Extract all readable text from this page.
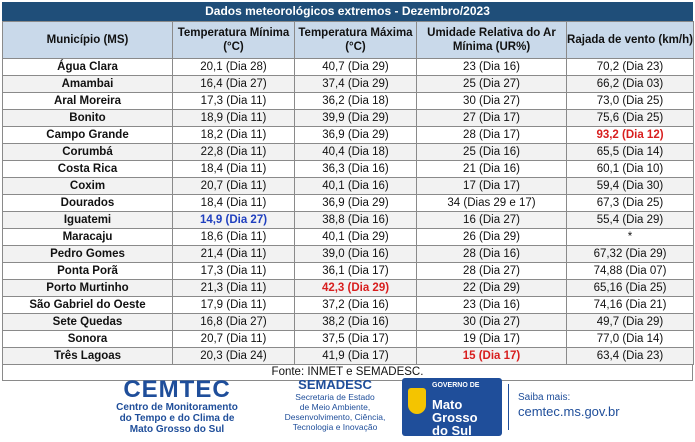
Dados meteorológicos extremos - Dezembro/2023
Município (MS)	Temperatura Mínima (°C)	Temperatura Máxima (°C)	Umidade Relativa do Ar Mínima (UR%)	Rajada de vento (km/h)
Água Clara	20,1 (Dia 28)	40,7 (Dia 29)	23 (Dia 16)	70,2 (Dia 23)
Amambai	16,4 (Dia 27)	37,4 (Dia 29)	25 (Dia 27)	66,2 (Dia 03)
Aral Moreira	17,3 (Dia 11)	36,2 (Dia 18)	30 (Dia 27)	73,0 (Dia 25)
Bonito	18,9 (Dia 11)	39,9 (Dia 29)	27 (Dia 17)	75,6 (Dia 25)
Campo Grande	18,2 (Dia 11)	36,9 (Dia 29)	28 (Dia 17)	93,2 (Dia 12)
Corumbá	22,8 (Dia 11)	40,4 (Dia 18)	25 (Dia 16)	65,5 (Dia 14)
Costa Rica	18,4 (Dia 11)	36,3 (Dia 16)	21 (Dia 16)	60,1 (Dia 10)
Coxim	20,7 (Dia 11)	40,1 (Dia 16)	17 (Dia 17)	59,4 (Dia 30)
Dourados	18,4 (Dia 11)	36,9 (Dia 29)	34 (Dias 29 e 17)	67,3 (Dia 25)
Iguatemi	14,9 (Dia 27)	38,8 (Dia 16)	16 (Dia 27)	55,4 (Dia 29)
Maracaju	18,6 (Dia 11)	40,1 (Dia 29)	26 (Dia 29)	*
Pedro Gomes	21,4 (Dia 11)	39,0 (Dia 16)	28 (Dia 16)	67,32 (Dia 29)
Ponta Porã	17,3 (Dia 11)	36,1 (Dia 17)	28 (Dia 27)	74,88 (Dia 07)
Porto Murtinho	21,3 (Dia 11)	42,3 (Dia 29)	22 (Dia 29)	65,16 (Dia 25)
São Gabriel do Oeste	17,9 (Dia 11)	37,2 (Dia 16)	23 (Dia 16)	74,16 (Dia 21)
Sete Quedas	16,8 (Dia 27)	38,2 (Dia 16)	30 (Dia 27)	49,7 (Dia 29)
Sonora	20,7 (Dia 11)	37,5 (Dia 17)	19 (Dia 17)	77,0 (Dia 14)
Três Lagoas	20,3 (Dia 24)	41,9 (Dia 17)	15 (Dia 17)	63,4 (Dia 23)
Fonte: INMET e SEMADESC.
CEMTEC
Centro de Monitoramento
do Tempo e do Clima de
Mato Grosso do Sul
SEMADESC
Secretaria de Estado
de Meio Ambiente,
Desenvolvimento, Ciência,
Tecnologia e Inovação
GOVERNO DE
Mato
Grosso
do Sul
Saiba mais:
cemtec.ms.gov.br
